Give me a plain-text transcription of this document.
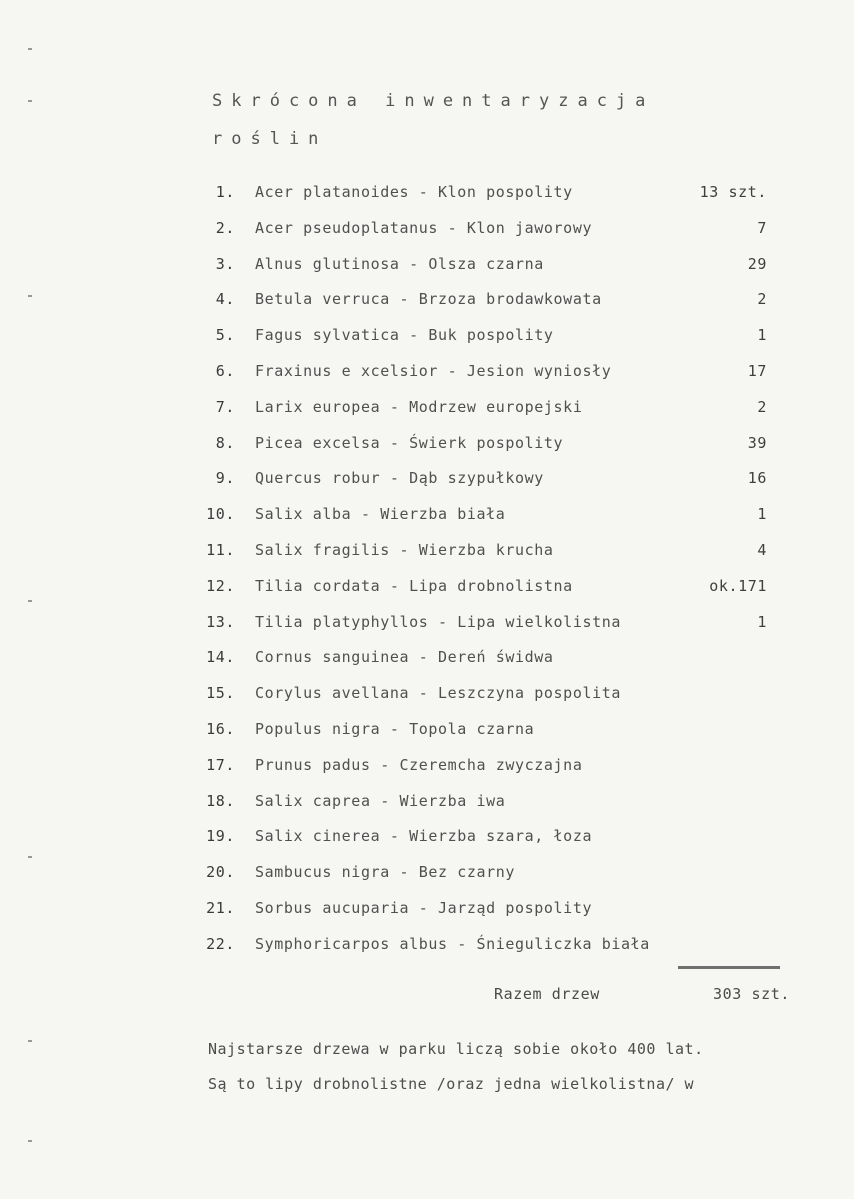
Skrócona inwentaryzacja
roślin
1. Acer platanoides - Klon pospolity	13 szt.
2. Acer pseudoplatanus - Klon jaworowy	7
3. Alnus glutinosa - Olsza czarna	29
4. Betula verruca - Brzoza brodawkowata	2
5. Fagus sylvatica - Buk pospolity	1
6. Fraxinus e xcelsior - Jesion wyniosły	17
7. Larix europea - Modrzew europejski	2
8. Picea excelsa - Świerk pospolity	39
9. Quercus robur - Dąb szypułkowy	16
10. Salix alba - Wierzba biała	1
11. Salix fragilis - Wierzba krucha	4
12. Tilia cordata - Lipa drobnolistna	ok.171
13. Tilia platyphyllos - Lipa wielkolistna	1
14. Cornus sanguinea - Dereń świdwa
15. Corylus avellana - Leszczyna pospolita
16. Populus nigra - Topola czarna
17. Prunus padus - Czeremcha zwyczajna
18. Salix caprea - Wierzba iwa
19. Salix cinerea - Wierzba szara, łoza
20. Sambucus nigra - Bez czarny
21. Sorbus aucuparia - Jarząd pospolity
22. Symphoricarpos albus - Śnieguliczka biała
Razem drzew	303 szt.
Najstarsze drzewa w parku liczą sobie około 400 lat.
Są to lipy drobnolistne /oraz jedna wielkolistna/ w
